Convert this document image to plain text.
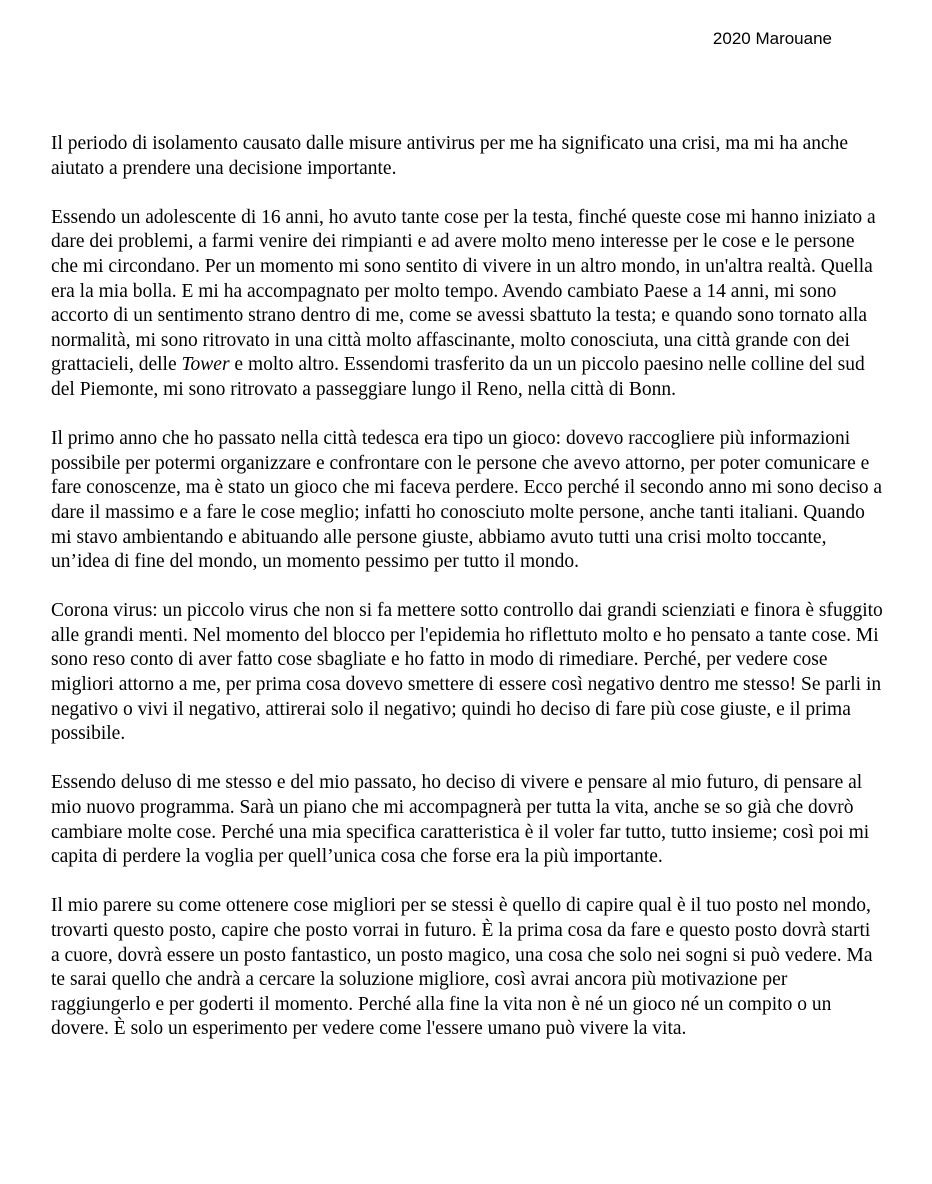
2020 Marouane

Il periodo di isolamento causato dalle misure antivirus per me ha significato una crisi, ma mi ha anche aiutato a prendere una decisione importante.

Essendo un adolescente di 16 anni, ho avuto tante cose per la testa, finché queste cose mi hanno iniziato a dare dei problemi, a farmi venire dei rimpianti e ad avere molto meno interesse per le cose e le persone che mi circondano. Per un momento mi sono sentito di vivere in un altro mondo, in un'altra realtà. Quella era la mia bolla. E mi ha accompagnato per molto tempo. Avendo cambiato Paese a 14 anni, mi sono accorto di un sentimento strano dentro di me, come se avessi sbattuto la testa; e quando sono tornato alla normalità, mi sono ritrovato in una città molto affascinante, molto conosciuta, una città grande con dei grattacieli, delle Tower e molto altro. Essendomi trasferito da un un piccolo paesino nelle colline del sud del Piemonte, mi sono ritrovato a passeggiare lungo il Reno, nella città di Bonn.

Il primo anno che ho passato nella città tedesca era tipo un gioco: dovevo raccogliere più informazioni possibile per potermi organizzare e confrontare con le persone che avevo attorno, per poter comunicare e fare conoscenze, ma è stato un gioco che mi faceva perdere. Ecco perché il secondo anno mi sono deciso a dare il massimo e a fare le cose meglio; infatti ho conosciuto molte persone, anche tanti italiani. Quando mi stavo ambientando e abituando alle persone giuste, abbiamo avuto tutti una crisi molto toccante, un’idea di fine del mondo, un momento pessimo per tutto il mondo.

Corona virus: un piccolo virus che non si fa mettere sotto controllo dai grandi scienziati e finora è sfuggito alle grandi menti. Nel momento del blocco per l'epidemia ho riflettuto molto e ho pensato a tante cose. Mi sono reso conto di aver fatto cose sbagliate e ho fatto in modo di rimediare. Perché, per vedere cose migliori attorno a me, per prima cosa dovevo smettere di essere così negativo dentro me stesso! Se parli in negativo o vivi il negativo, attirerai solo il negativo; quindi ho deciso di fare più cose giuste, e il prima possibile.

Essendo deluso di me stesso e del mio passato, ho deciso di vivere e pensare al mio futuro, di pensare al mio nuovo programma. Sarà un piano che mi accompagnerà per tutta la vita, anche se so già che dovrò cambiare molte cose. Perché una mia specifica caratteristica è il voler far tutto, tutto insieme; così poi mi capita di perdere la voglia per quell’unica cosa che forse era la più importante.

Il mio parere su come ottenere cose migliori per se stessi è quello di capire qual è il tuo posto nel mondo, trovarti questo posto, capire che posto vorrai in futuro. È la prima cosa da fare e questo posto dovrà starti a cuore, dovrà essere un posto fantastico, un posto magico, una cosa che solo nei sogni si può vedere. Ma te sarai quello che andrà a cercare la soluzione migliore, così avrai ancora più motivazione per raggiungerlo e per goderti il momento. Perché alla fine la vita non è né un gioco né un compito o un dovere. È solo un esperimento per vedere come l'essere umano può vivere la vita.
